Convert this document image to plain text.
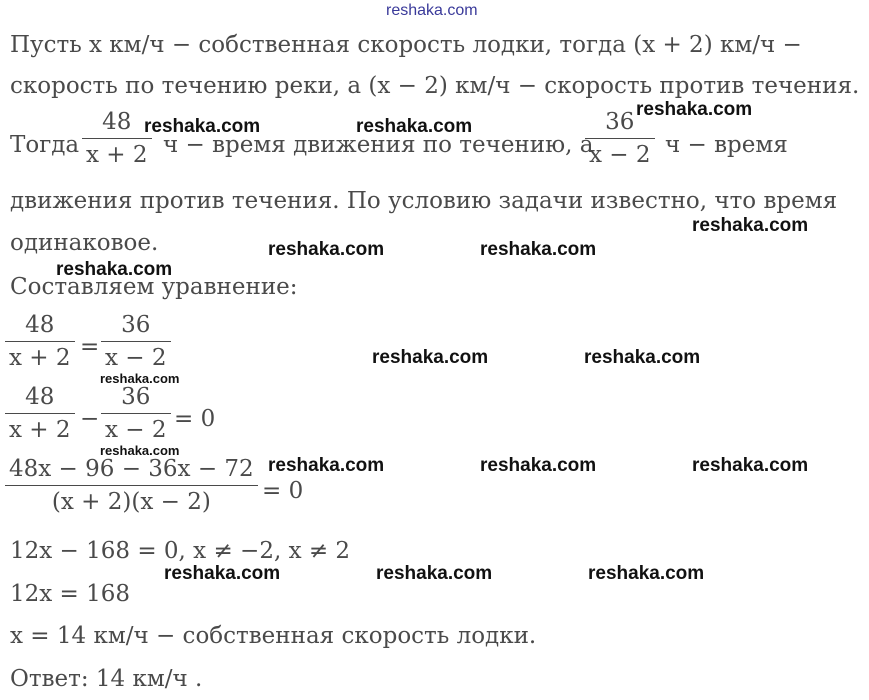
reshaka.com
Пусть x км/ч − собственная скорость лодки, тогда (x + 2) км/ч −
скорость по течению реки, а (x − 2) км/ч − скорость против течения.
Тогда
48
x + 2 ч − время движения по течению, а
36
x − 2 ч − время
движения против течения. По условию задачи известно, что время
одинаковое.
Составляем уравнение:
48
x + 2 =
36
x − 2
48
x + 2 −
36
x − 2 = 0
48x − 96 − 36x − 72
(x + 2)(x − 2) = 0
12x − 168 = 0, x ≠ −2, x ≠ 2
12x = 168
x = 14 км/ч − собственная скорость лодки.
Ответ: 14 км/ч .
reshaka.com
reshaka.com	reshaka.com
reshaka.com
reshaka.com	reshaka.com
reshaka.com
reshaka.com	reshaka.com
reshaka.com
reshaka.com
reshaka.com	reshaka.com	reshaka.com
reshaka.com	reshaka.com	reshaka.com
